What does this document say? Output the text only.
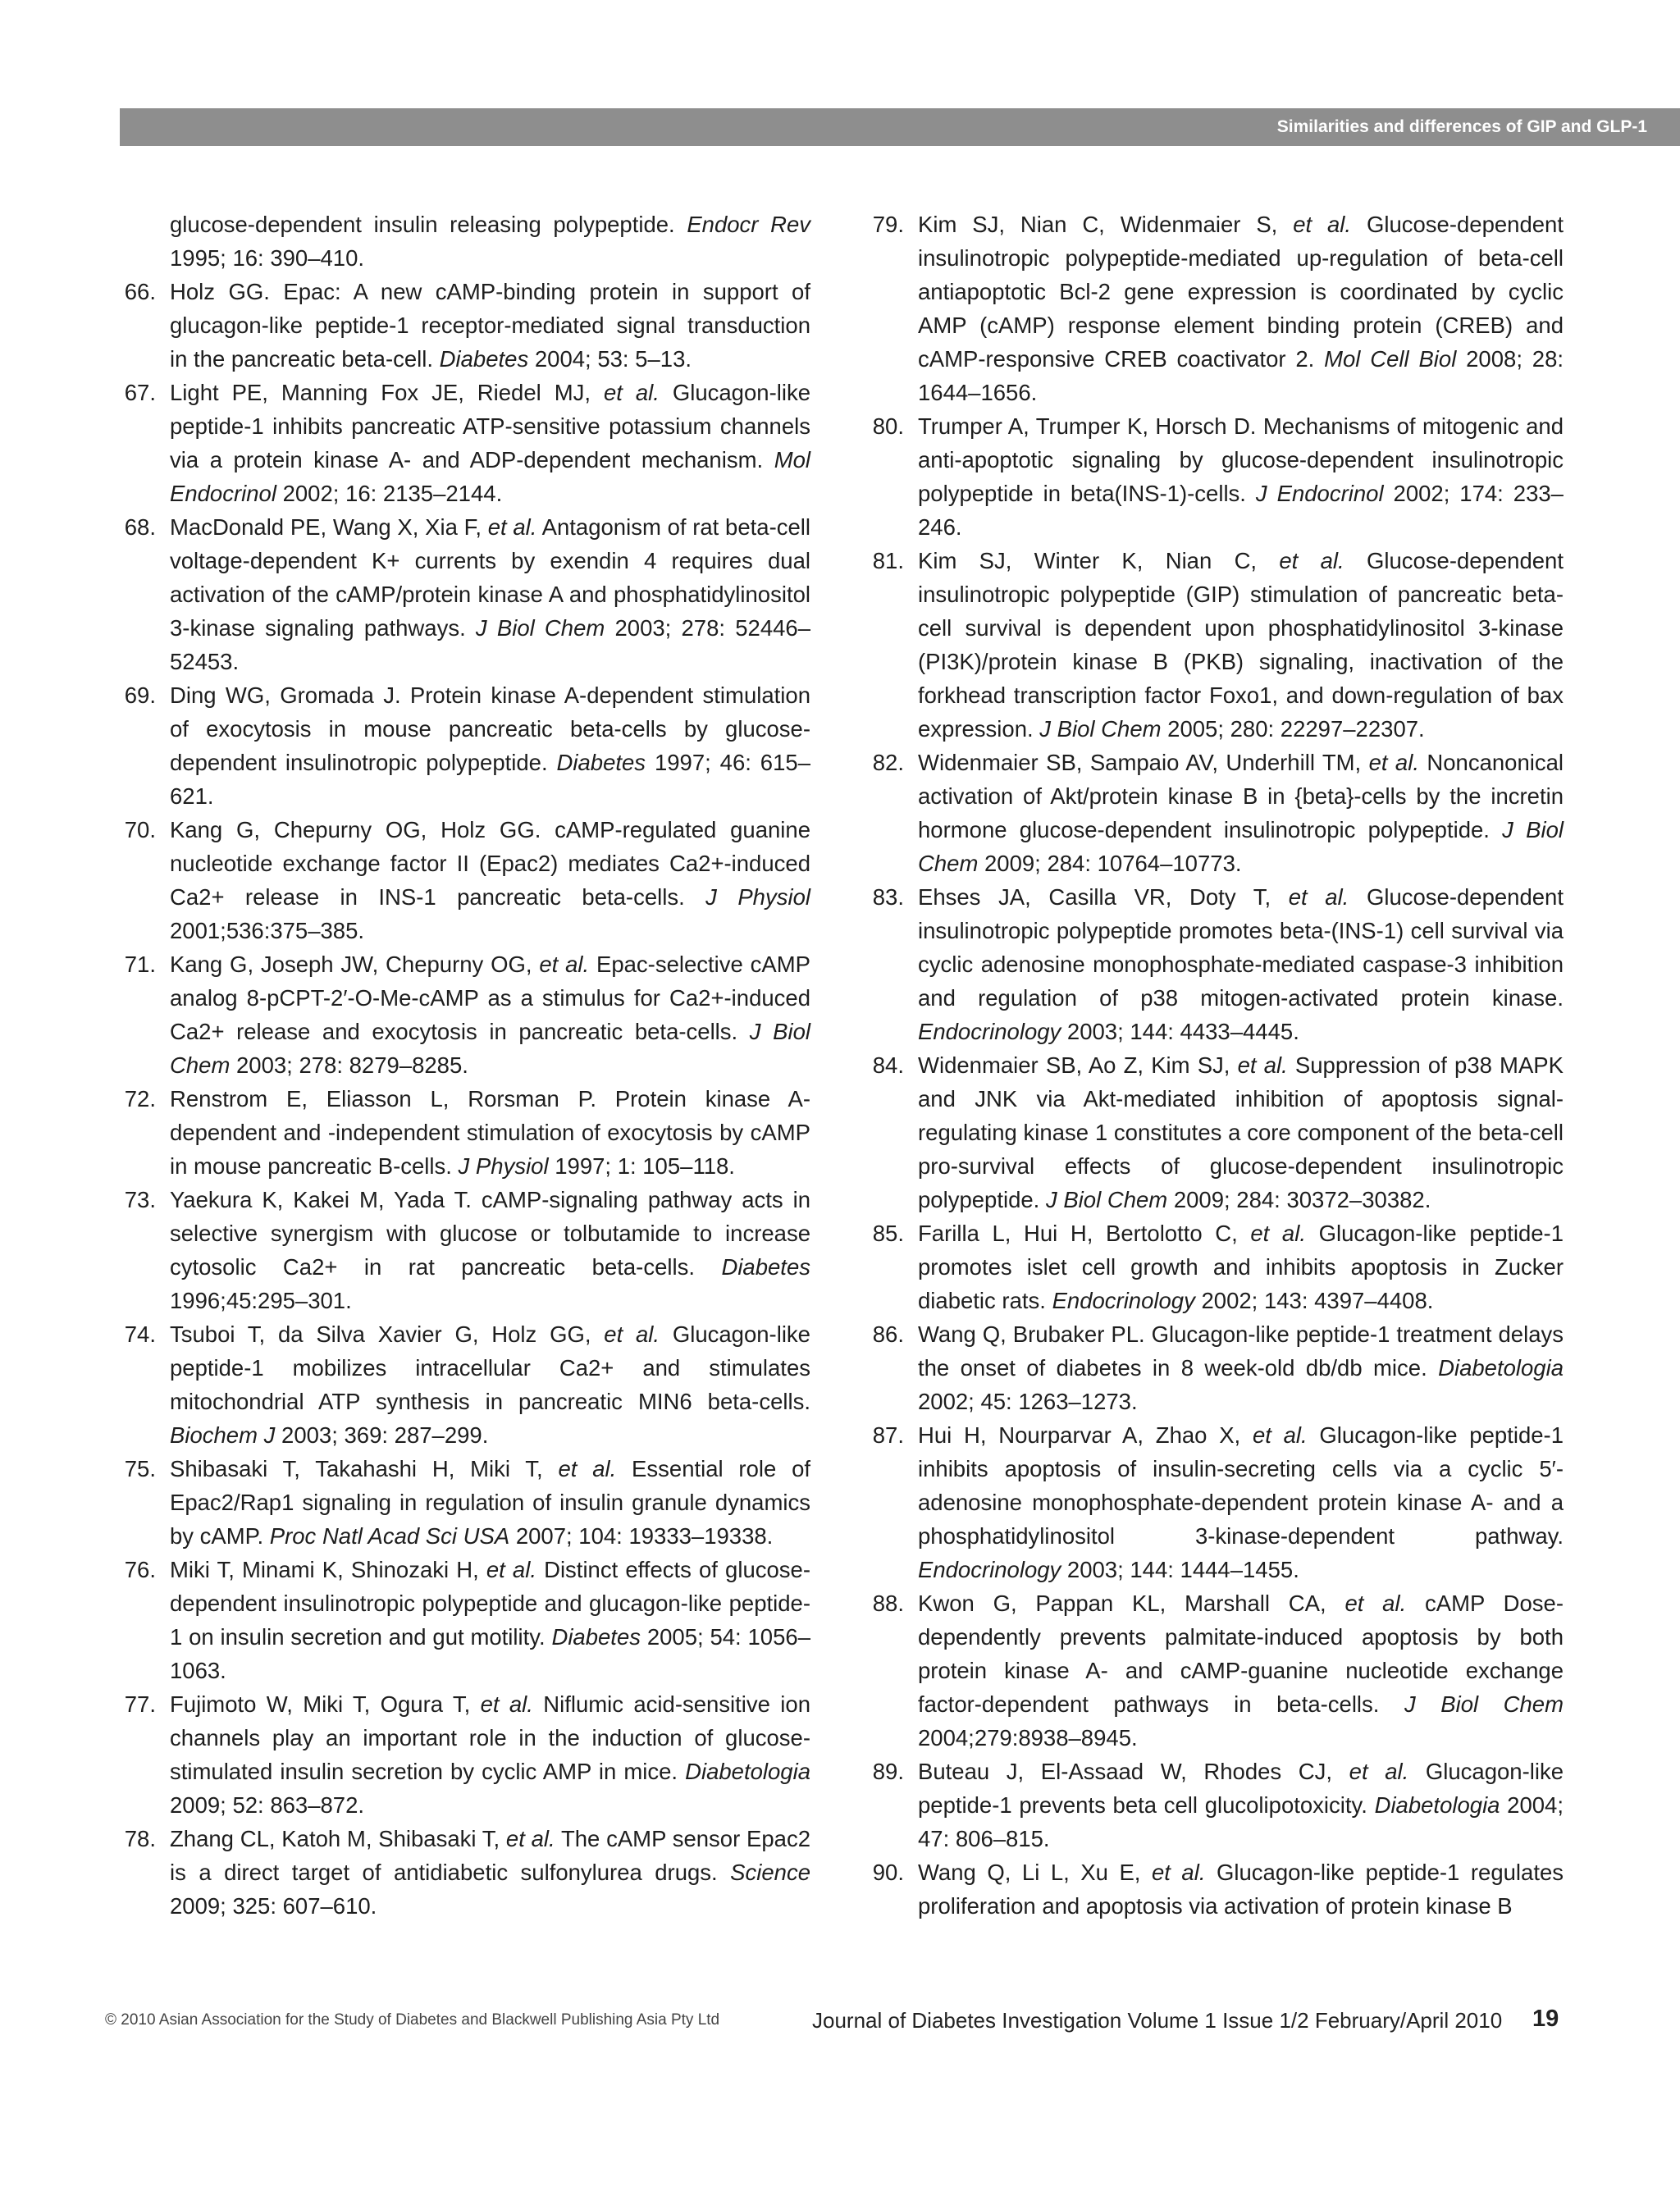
Similarities and differences of GIP and GLP-1
glucose-dependent insulin releasing polypeptide. Endocr Rev 1995; 16: 390–410.
66. Holz GG. Epac: A new cAMP-binding protein in support of glucagon-like peptide-1 receptor-mediated signal transduction in the pancreatic beta-cell. Diabetes 2004; 53: 5–13.
67. Light PE, Manning Fox JE, Riedel MJ, et al. Glucagon-like peptide-1 inhibits pancreatic ATP-sensitive potassium channels via a protein kinase A- and ADP-dependent mechanism. Mol Endocrinol 2002; 16: 2135–2144.
68. MacDonald PE, Wang X, Xia F, et al. Antagonism of rat beta-cell voltage-dependent K+ currents by exendin 4 requires dual activation of the cAMP/protein kinase A and phosphatidylinositol 3-kinase signaling pathways. J Biol Chem 2003; 278: 52446–52453.
69. Ding WG, Gromada J. Protein kinase A-dependent stimulation of exocytosis in mouse pancreatic beta-cells by glucose-dependent insulinotropic polypeptide. Diabetes 1997; 46: 615–621.
70. Kang G, Chepurny OG, Holz GG. cAMP-regulated guanine nucleotide exchange factor II (Epac2) mediates Ca2+-induced Ca2+ release in INS-1 pancreatic beta-cells. J Physiol 2001;536:375–385.
71. Kang G, Joseph JW, Chepurny OG, et al. Epac-selective cAMP analog 8-pCPT-2′-O-Me-cAMP as a stimulus for Ca2+-induced Ca2+ release and exocytosis in pancreatic beta-cells. J Biol Chem 2003; 278: 8279–8285.
72. Renstrom E, Eliasson L, Rorsman P. Protein kinase A-dependent and -independent stimulation of exocytosis by cAMP in mouse pancreatic B-cells. J Physiol 1997; 1: 105–118.
73. Yaekura K, Kakei M, Yada T. cAMP-signaling pathway acts in selective synergism with glucose or tolbutamide to increase cytosolic Ca2+ in rat pancreatic beta-cells. Diabetes 1996;45:295–301.
74. Tsuboi T, da Silva Xavier G, Holz GG, et al. Glucagon-like peptide-1 mobilizes intracellular Ca2+ and stimulates mitochondrial ATP synthesis in pancreatic MIN6 beta-cells. Biochem J 2003; 369: 287–299.
75. Shibasaki T, Takahashi H, Miki T, et al. Essential role of Epac2/Rap1 signaling in regulation of insulin granule dynamics by cAMP. Proc Natl Acad Sci USA 2007; 104: 19333–19338.
76. Miki T, Minami K, Shinozaki H, et al. Distinct effects of glucose-dependent insulinotropic polypeptide and glucagon-like peptide-1 on insulin secretion and gut motility. Diabetes 2005; 54: 1056–1063.
77. Fujimoto W, Miki T, Ogura T, et al. Niflumic acid-sensitive ion channels play an important role in the induction of glucose-stimulated insulin secretion by cyclic AMP in mice. Diabetologia 2009; 52: 863–872.
78. Zhang CL, Katoh M, Shibasaki T, et al. The cAMP sensor Epac2 is a direct target of antidiabetic sulfonylurea drugs. Science 2009; 325: 607–610.
79. Kim SJ, Nian C, Widenmaier S, et al. Glucose-dependent insulinotropic polypeptide-mediated up-regulation of beta-cell antiapoptotic Bcl-2 gene expression is coordinated by cyclic AMP (cAMP) response element binding protein (CREB) and cAMP-responsive CREB coactivator 2. Mol Cell Biol 2008; 28: 1644–1656.
80. Trumper A, Trumper K, Horsch D. Mechanisms of mitogenic and anti-apoptotic signaling by glucose-dependent insulinotropic polypeptide in beta(INS-1)-cells. J Endocrinol 2002; 174: 233–246.
81. Kim SJ, Winter K, Nian C, et al. Glucose-dependent insulinotropic polypeptide (GIP) stimulation of pancreatic beta-cell survival is dependent upon phosphatidylinositol 3-kinase (PI3K)/protein kinase B (PKB) signaling, inactivation of the forkhead transcription factor Foxo1, and down-regulation of bax expression. J Biol Chem 2005; 280: 22297–22307.
82. Widenmaier SB, Sampaio AV, Underhill TM, et al. Noncanonical activation of Akt/protein kinase B in {beta}-cells by the incretin hormone glucose-dependent insulinotropic polypeptide. J Biol Chem 2009; 284: 10764–10773.
83. Ehses JA, Casilla VR, Doty T, et al. Glucose-dependent insulinotropic polypeptide promotes beta-(INS-1) cell survival via cyclic adenosine monophosphate-mediated caspase-3 inhibition and regulation of p38 mitogen-activated protein kinase. Endocrinology 2003; 144: 4433–4445.
84. Widenmaier SB, Ao Z, Kim SJ, et al. Suppression of p38 MAPK and JNK via Akt-mediated inhibition of apoptosis signal-regulating kinase 1 constitutes a core component of the beta-cell pro-survival effects of glucose-dependent insulinotropic polypeptide. J Biol Chem 2009; 284: 30372–30382.
85. Farilla L, Hui H, Bertolotto C, et al. Glucagon-like peptide-1 promotes islet cell growth and inhibits apoptosis in Zucker diabetic rats. Endocrinology 2002; 143: 4397–4408.
86. Wang Q, Brubaker PL. Glucagon-like peptide-1 treatment delays the onset of diabetes in 8 week-old db/db mice. Diabetologia 2002; 45: 1263–1273.
87. Hui H, Nourparvar A, Zhao X, et al. Glucagon-like peptide-1 inhibits apoptosis of insulin-secreting cells via a cyclic 5′-adenosine monophosphate-dependent protein kinase A- and a phosphatidylinositol 3-kinase-dependent pathway. Endocrinology 2003; 144: 1444–1455.
88. Kwon G, Pappan KL, Marshall CA, et al. cAMP Dose-dependently prevents palmitate-induced apoptosis by both protein kinase A- and cAMP-guanine nucleotide exchange factor-dependent pathways in beta-cells. J Biol Chem 2004;279:8938–8945.
89. Buteau J, El-Assaad W, Rhodes CJ, et al. Glucagon-like peptide-1 prevents beta cell glucolipotoxicity. Diabetologia 2004; 47: 806–815.
90. Wang Q, Li L, Xu E, et al. Glucagon-like peptide-1 regulates proliferation and apoptosis via activation of protein kinase B
© 2010 Asian Association for the Study of Diabetes and Blackwell Publishing Asia Pty Ltd	Journal of Diabetes Investigation Volume 1 Issue 1/2 February/April 2010 19
